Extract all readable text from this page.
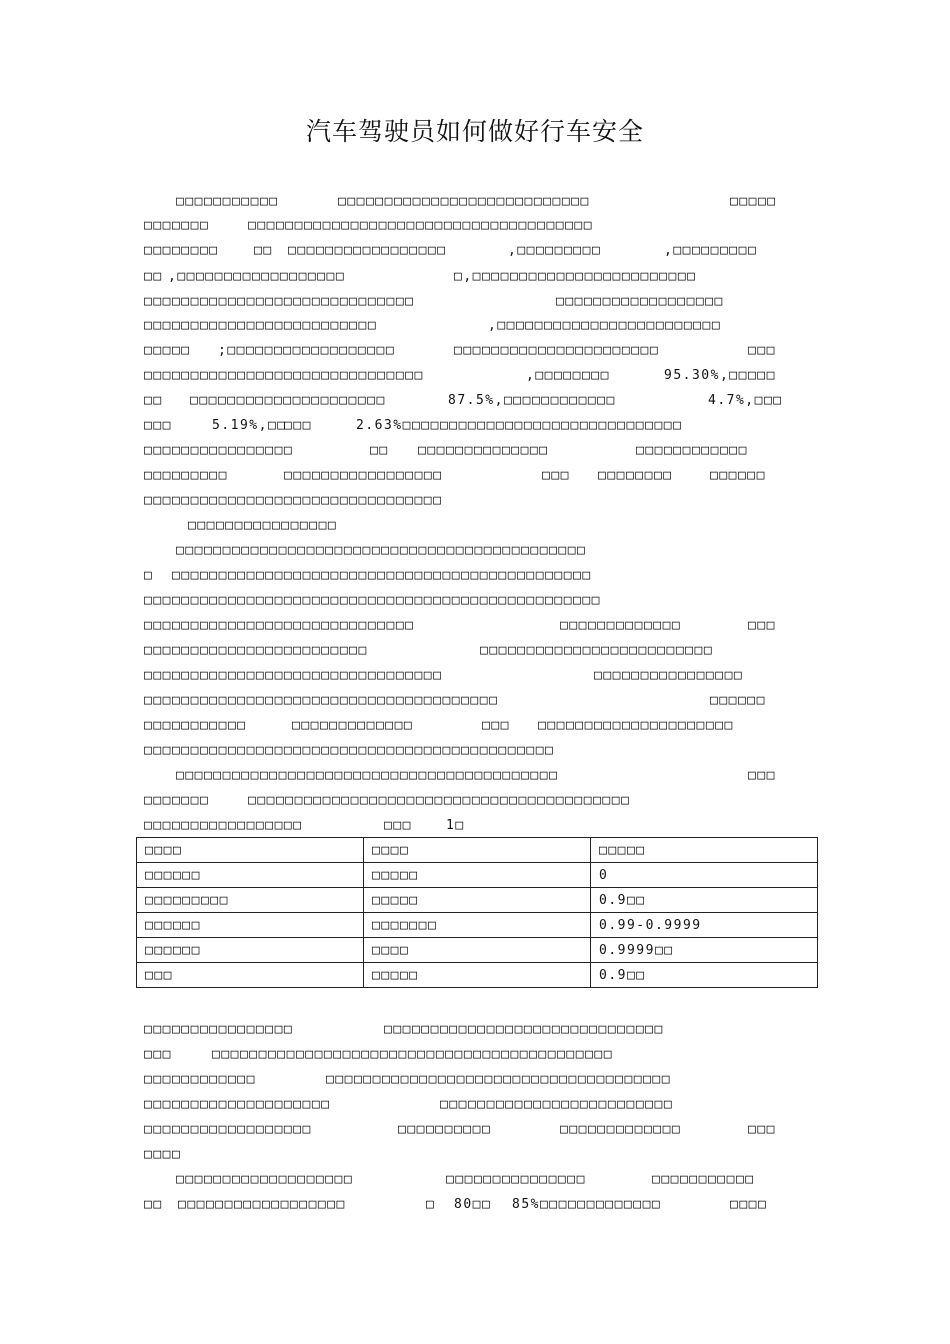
汽车驾驶员如何做好行车安全
□□□□□□□□□□□	□□□□□□□□□□□□□□□□□□□□□□□□□□□	□□□□□
□□□□□□□	□□□□□□□□□□□□□□□□□□□□□□□□□□□□□□□□□□□□□
□□□□□□□□	□□ □□□□□□□□□□□□□□□□□	,□□□□□□□□□	,□□□□□□□□□
□□ ,□□□□□□□□□□□□□□□□□□	□,□□□□□□□□□□□□□□□□□□□□□□□□
□□□□□□□□□□□□□□□□□□□□□□□□□□□□□	□□□□□□□□□□□□□□□□□□
□□□□□□□□□□□□□□□□□□□□□□□□□	,□□□□□□□□□□□□□□□□□□□□□□□□
□□□□□ ;□□□□□□□□□□□□□□□□□□	□□□□□□□□□□□□□□□□□□□□□□	□□□
□□□□□□□□□□□□□□□□□□□□□□□□□□□□□□	,□□□□□□□□	95.30%,□□□□□
□□ □□□□□□□□□□□□□□□□□□□□□	87.5%,□□□□□□□□□□□□	4.7%,□□□
□□□	5.19%,□□
□□□	2.63%□□□□□□□□□□□□□□□□□□□□□□□□□□□□□□
□□□□□□□□□□□□□□□□	□□ □□□□□□□□□□□□□□	□□□□□□□□□□□□
□□□□□□□□□	□□□□□□□□□□□□□□□□□	□□□ □□□□□□□□	□□□□□□
□□□□□□□□□□□□□□□□□□□□□□□□□□□□□□□□
□□□□□□□□□□□□□□□□
□□□□□□□□□□□□□□□□□□□□□□□□□□□□□□□□□□□□□□□□□□□□
□ □□□□□□□□□□□□□□□□□□□□□□□□□□□□□□□□□□□□□□□□□□□□□
□□□□□□□□□□□□□□□□□□□□□□□□□□□□□□□□□□□□□□□□□□□□□□□□□
□□□□□□□□□□□□□□□□□□□□□□□□□□□□□	□□□□□□□□□□□□□	□□□
□□□□□□□□□□□□□□□□□□□□□□□□	□□□□□□□□□□□□□□□□□□□□□□□□□
□□□□□□□□□□□□□□□□□□□□□□□□□□□□□□□□	□□□□□□□□□□□□□□□□
□□□□□□□□□□□□□□□□□□□□□□□□□□□□□□□□□□□□□□	□□□□□□
□□□□□□□□□□□	□□□□□□□□□□□□□	□□□ □□□□□□□□□□□□□□□□□□□□□
□□□□□□□□□□□□□□□□□□□□□□□□□□□□□□□□□□□□□□□□□□□□
□□□□□□□□□□□□□□□□□□□□□□□□□□□□□□□□□□□□□□□□□	□□□
□□□□□□□	□□□□□□□□□□□□□□□□□□□□□□□□□□□□□□□□□□□□□□□□□
□□□□□□□□□□□□□□□□□	□□□	1□
□□□□□□□□□□□□□□□□	□□□□□□□□□□□□□□□□□□□□□□□□□□□□□□
□□□	□□□□□□□□□□□□□□□□□□□□□□□□□□□□□□□□□□□□□□□□□□□
□□□□□□□□□□□□	□□□□□□□□□□□□□□□□□□□□□□□□□□□□□□□□□□□□□
□□□□□□□□□□□□□□□□□□□□	□□□□□□□□□□□□□□□□□□□□□□□□□
□□□□□□□□□□□□□□□□□□	□□□□□□□□□□	□□□□□□□□□□□□□	□□□
□□□□
□□□□□□□□□□□□□□□□□□□	□□□□□□□□□□□□□□□	□□□□□□□□□□□
□□ □□□□□□□□□□□□□□□□□□	□ 80□□ 85%□□□□□□□□□□□□□	□□□□
□□□□	□□□□	□□□□□
□□□□□□	□□□□□	0
□□□□□□□□□	□□□□□	0.9□□
□□□□□□	□□□□□□□	0.99-0.9999
□□□□□□	□□□□	0.9999□□
□□□	□□□□□	0.9□□
